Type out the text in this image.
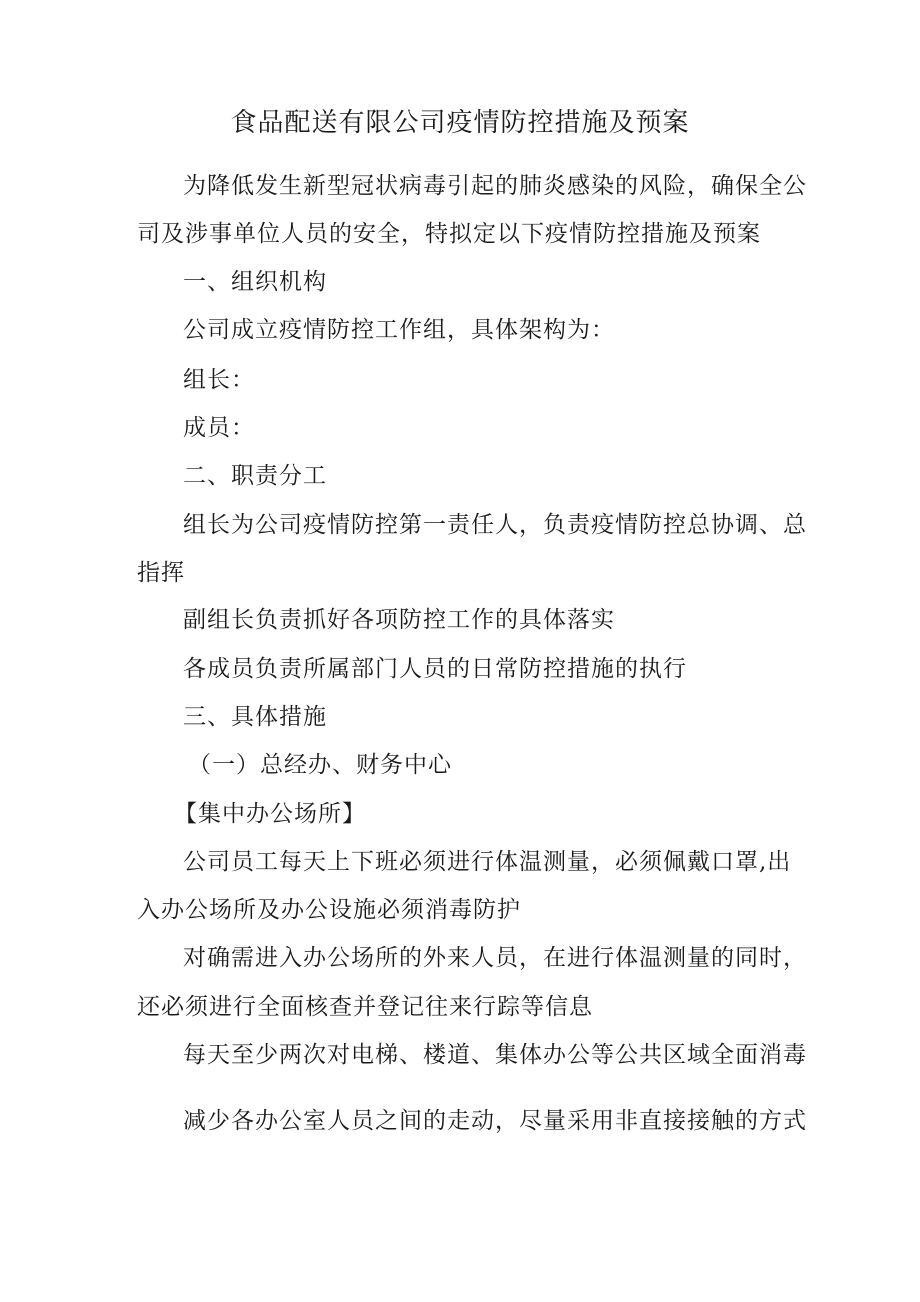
食品配送有限公司疫情防控措施及预案
为降低发生新型冠状病毒引起的肺炎感染的风险，确保全公
司及涉事单位人员的安全，特拟定以下疫情防控措施及预案
一、组织机构
公司成立疫情防控工作组，具体架构为：
组长：
成员：
二、职责分工
组长为公司疫情防控第一责任人，负责疫情防控总协调、总
指挥
副组长负责抓好各项防控工作的具体落实
各成员负责所属部门人员的日常防控措施的执行
三、具体措施
（一）总经办、财务中心
【集中办公场所】
公司员工每天上下班必须进行体温测量，必须佩戴口罩,出
入办公场所及办公设施必须消毒防护
对确需进入办公场所的外来人员，在进行体温测量的同时，
还必须进行全面核查并登记往来行踪等信息
每天至少两次对电梯、楼道、集体办公等公共区域全面消毒
减少各办公室人员之间的走动，尽量采用非直接接触的方式
